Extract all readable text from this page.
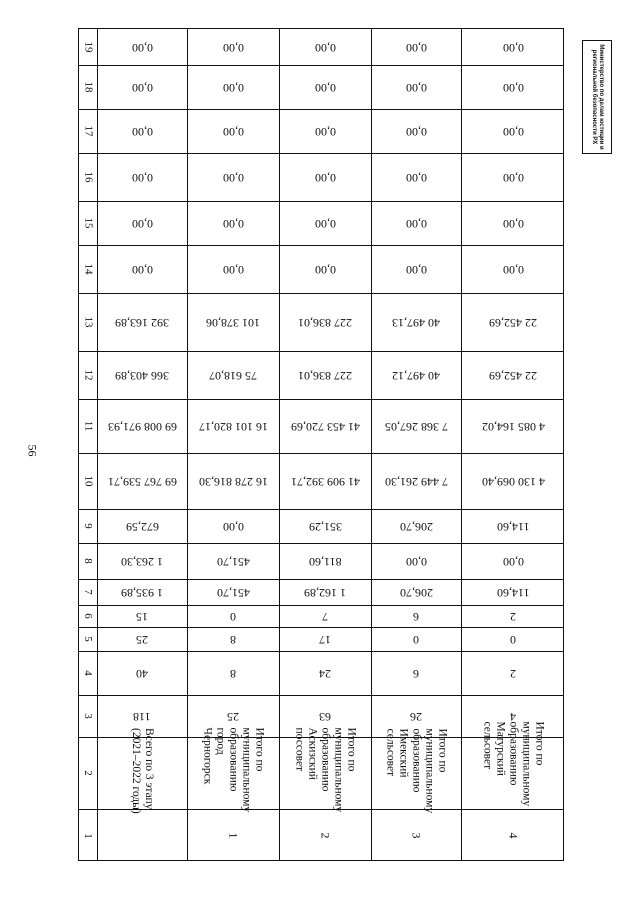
56
Министерство по делам юстиции и региональной безопасности РХ
19
18
17
16
15
14
13
12
11
10
9
8
7
6
5
4
3
2
1
0,00
0,00
0,00
0,00
0,00
0,00
392 163,89
366 403,89
69 008 971,93
69 767 539,71
672,59
1 263,30
1 935,89
15
25
40
118
Всего по 3 этапу
(2021–2022 годы)
0,00
0,00
0,00
0,00
0,00
0,00
101 378,06
75 618,07
16 101 820,17
16 278 816,30
0,00
451,70
451,70
0
8
8
25
Итого по
муниципальному
образованию город
Черногорск
1
0,00
0,00
0,00
0,00
0,00
0,00
227 836,01
227 836,01
41 453 720,69
41 909 392,71
351,29
811,60
1 162,89
7
17
24
63
Итого по
муниципальному
образованию
Аскизский поссовет
2
0,00
0,00
0,00
0,00
0,00
0,00
40 497,13
40 497,12
7 368 267,05
7 449 261,30
206,70
0,00
206,70
6
0
6
26
Итого по
муниципальному
образованию
Имекский
сельсовет
3
0,00
0,00
0,00
0,00
0,00
0,00
22 452,69
22 452,69
4 085 164,02
4 130 069,40
114,60
0,00
114,60
2
0
2
4
Итого по
муниципальному
образованию
Матурский
сельсовет
4
